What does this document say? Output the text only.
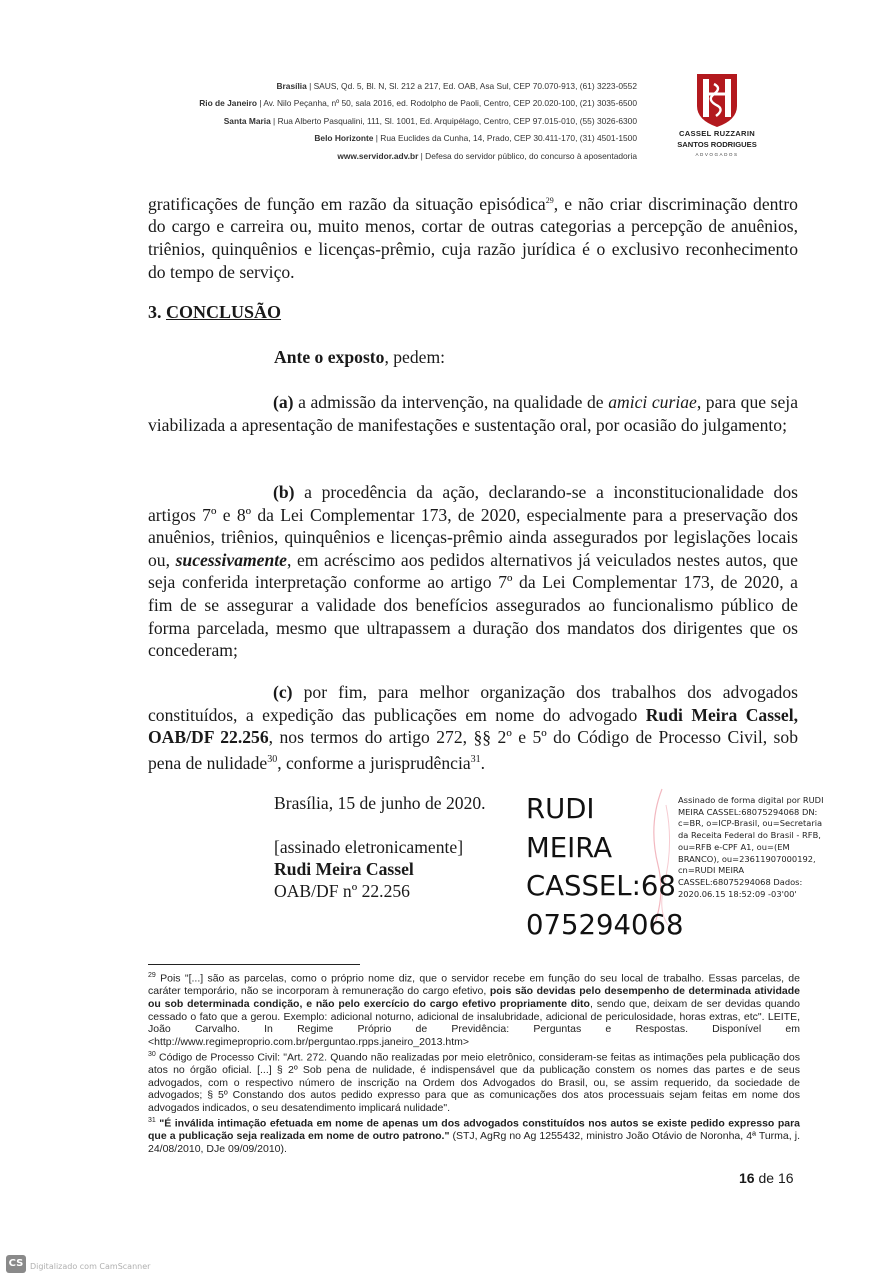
Brasília | SAUS, Qd. 5, Bl. N, Sl. 212 a 217, Ed. OAB, Asa Sul, CEP 70.070-913, (61) 3223-0552
Rio de Janeiro | Av. Nilo Peçanha, nº 50, sala 2016, ed. Rodolpho de Paoli, Centro, CEP 20.020-100, (21) 3035-6500
Santa Maria | Rua Alberto Pasqualini, 111, Sl. 1001, Ed. Arquipélago, Centro, CEP 97.015-010, (55) 3026-6300
Belo Horizonte | Rua Euclides da Cunha, 14, Prado, CEP 30.411-170, (31) 4501-1500
www.servidor.adv.br | Defesa do servidor público, do concurso à aposentadoria
CASSEL RUZZARIN
SANTOS RODRIGUES
ADVOGADOS

gratificações de função em razão da situação episódica$^{29}$, e não criar discriminação dentro do cargo e carreira ou, muito menos, cortar de outras categorias a percepção de anuênios, triênios, quinquênios e licenças-prêmio, cuja razão jurídica é o exclusivo reconhecimento do tempo de serviço.

3. CONCLUSÃO

Ante o exposto, pedem:

(a) a admissão da intervenção, na qualidade de amici curiae, para que seja viabilizada a apresentação de manifestações e sustentação oral, por ocasião do julgamento;

(b) a procedência da ação, declarando-se a inconstitucionalidade dos artigos 7º e 8º da Lei Complementar 173, de 2020, especialmente para a preservação dos anuênios, triênios, quinquênios e licenças-prêmio ainda assegurados por legislações locais ou, sucessivamente, em acréscimo aos pedidos alternativos já veiculados nestes autos, que seja conferida interpretação conforme ao artigo 7º da Lei Complementar 173, de 2020, a fim de se assegurar a validade dos benefícios assegurados ao funcionalismo público de forma parcelada, mesmo que ultrapassem a duração dos mandatos dos dirigentes que os concederam;

(c) por fim, para melhor organização dos trabalhos dos advogados constituídos, a expedição das publicações em nome do advogado Rudi Meira Cassel, OAB/DF 22.256, nos termos do artigo 272, §§ 2º e 5º do Código de Processo Civil, sob pena de nulidade$^{30}$, conforme a jurisprudência$^{31}$.

Brasília, 15 de junho de 2020.
[assinado eletronicamente]
Rudi Meira Cassel
OAB/DF nº 22.256
RUDI
MEIRA
CASSEL:68
075294068
Assinado de forma digital por RUDI MEIRA CASSEL:68075294068 DN: c=BR, o=ICP-Brasil, ou=Secretaria da Receita Federal do Brasil - RFB, ou=RFB e-CPF A1, ou=(EM BRANCO), ou=23611907000192, cn=RUDI MEIRA CASSEL:68075294068 Dados: 2020.06.15 18:52:09 -03'00'

$^{29}$ Pois "[...] são as parcelas, como o próprio nome diz, que o servidor recebe em função do seu local de trabalho. Essas parcelas, de caráter temporário, não se incorporam à remuneração do cargo efetivo, pois são devidas pelo desempenho de determinada atividade ou sob determinada condição, e não pelo exercício do cargo efetivo propriamente dito, sendo que, deixam de ser devidas quando cessado o fato que a gerou. Exemplo: adicional noturno, adicional de insalubridade, adicional de periculosidade, horas extras, etc". LEITE, João Carvalho. In Regime Próprio de Previdência: Perguntas e Respostas. Disponível em <http://www.regimeproprio.com.br/perguntao.rpps.janeiro_2013.htm>

$^{30}$ Código de Processo Civil: "Art. 272. Quando não realizadas por meio eletrônico, consideram-se feitas as intimações pela publicação dos atos no órgão oficial. [...] § 2º Sob pena de nulidade, é indispensável que da publicação constem os nomes das partes e de seus advogados, com o respectivo número de inscrição na Ordem dos Advogados do Brasil, ou, se assim requerido, da sociedade de advogados; § 5º Constando dos autos pedido expresso para que as comunicações dos atos processuais sejam feitas em nome dos advogados indicados, o seu desatendimento implicará nulidade".

$^{31}$ "É inválida intimação efetuada em nome de apenas um dos advogados constituídos nos autos se existe pedido expresso para que a publicação seja realizada em nome de outro patrono." (STJ, AgRg no Ag 1255432, ministro João Otávio de Noronha, 4ª Turma, j. 24/08/2010, DJe 09/09/2010).

16 de 16
CS Digitalizado com CamScanner
